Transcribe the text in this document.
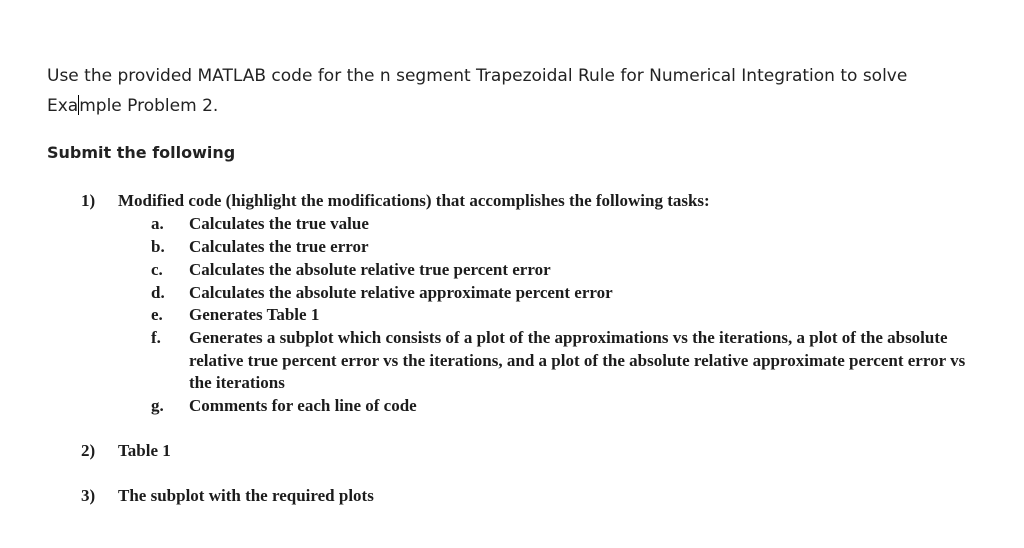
Use the provided MATLAB code for the n segment Trapezoidal Rule for Numerical Integration to solve

Example Problem 2.

Submit the following
1) Modified code (highlight the modifications) that accomplishes the following tasks:
a. Calculates the true value
b. Calculates the true error
c. Calculates the absolute relative true percent error
d. Calculates the absolute relative approximate percent error
e. Generates Table 1
f. Generates a subplot which consists of a plot of the approximations vs the iterations, a plot of the absolute relative true percent error vs the iterations, and a plot of the absolute relative approximate percent error vs the iterations
g. Comments for each line of code
2) Table 1
3) The subplot with the required plots
